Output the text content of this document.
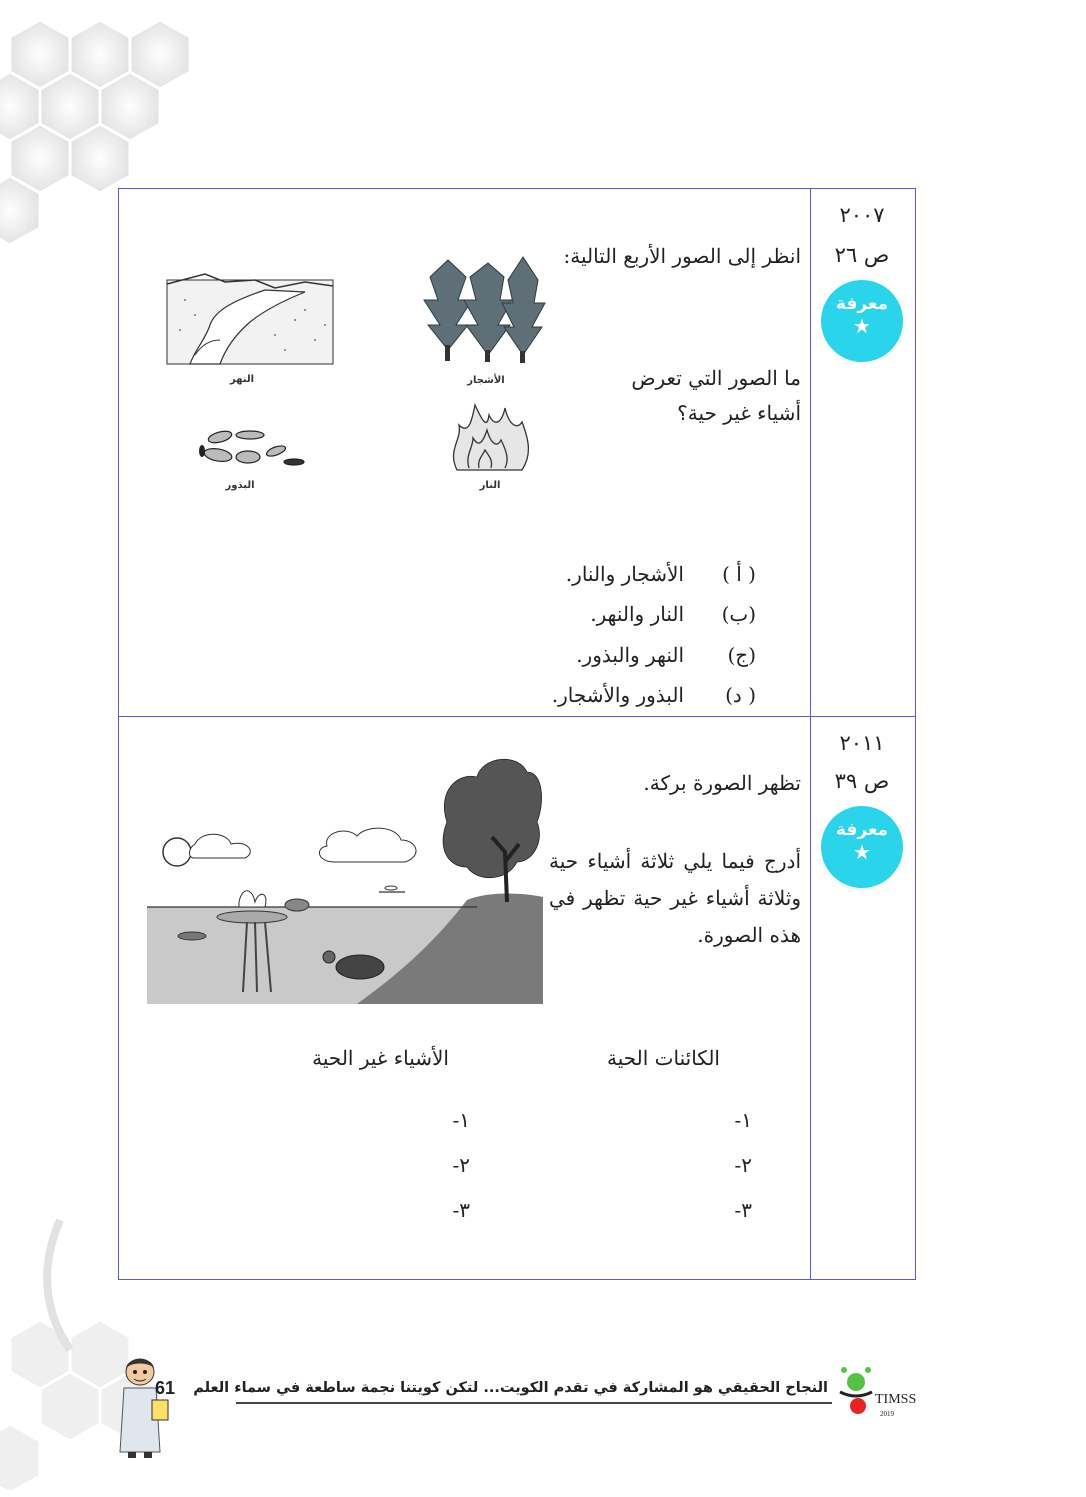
٢٠٠٧
ص ٢٦
معرفة
★
انظر إلى الصور الأربع التالية:
ما الصور التي تعرض
أشياء غير حية؟
النهر	الأشجار
البذور	النار
( أ )
الأشجار والنار.
(ب)
النار والنهر.
(ج)
النهر والبذور.
( د)
البذور والأشجار.
٢٠١١
ص ٣٩
معرفة
★
تظهر الصورة بركة.
أدرج فيما يلي ثلاثة أشياء حية وثلاثة أشياء غير حية تظهر في هذه الصورة.
الكائنات الحية
الأشياء غير الحية
١-
٢-
٣-
١-
٢-
٣-
61 النجاح الحقيقي هو المشاركة في تقدم الكويت... لتكن كويتنا نجمة ساطعة في سماء العلم
TIMSS
2019
